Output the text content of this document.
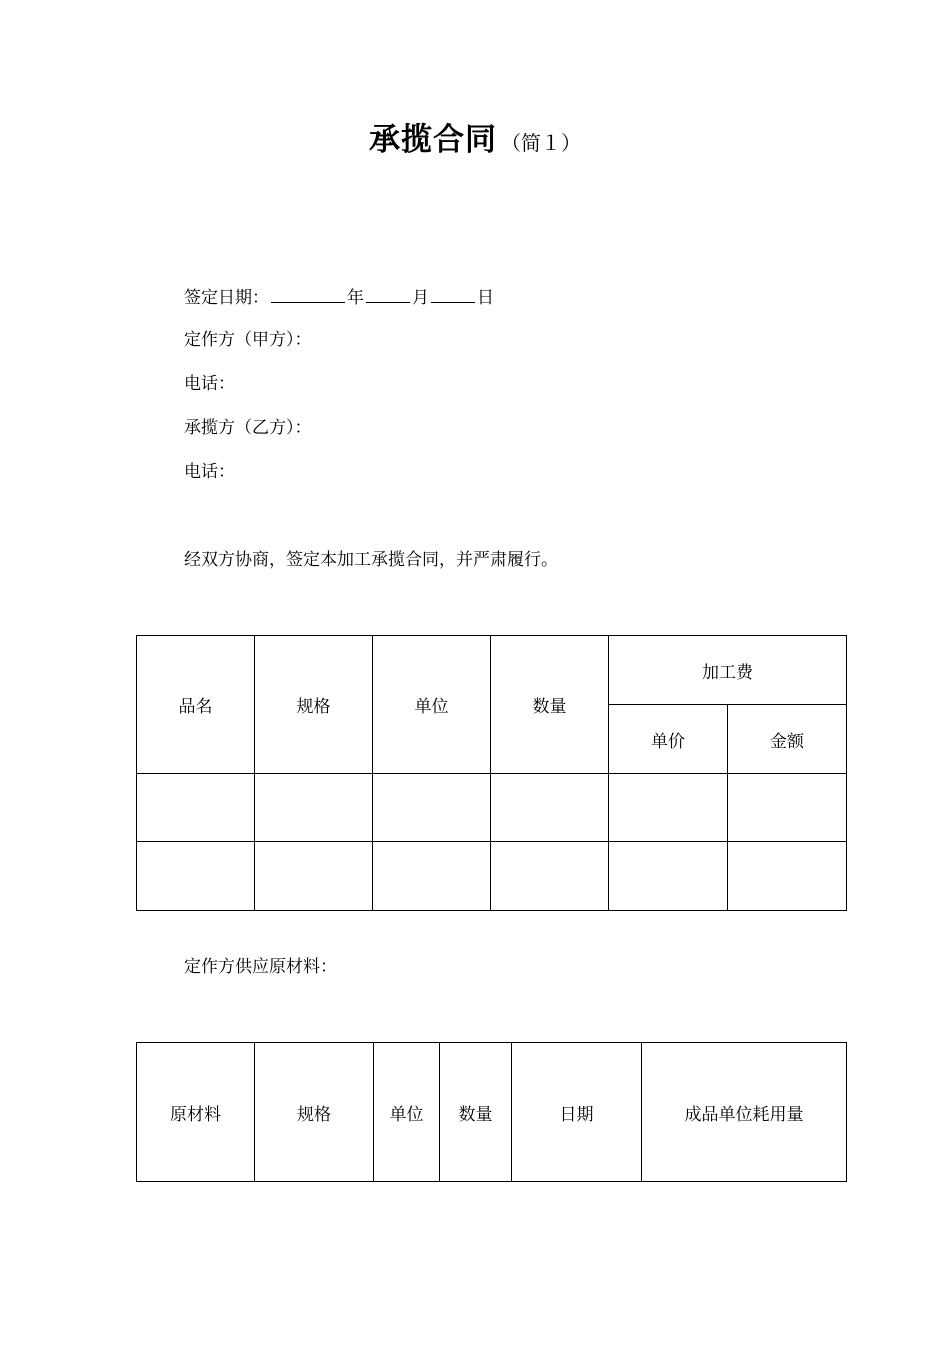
承揽合同 （简１）
签定日期：	年	月	日
定作方（甲方）：
电话：
承揽方（乙方）：
电话：
经双方协商，签定本加工承揽合同，并严肃履行。
品名	规格	单位	数量	加工费	
				单价	金额

定作方供应原材料：
原材料	规格	单位	数量	日期	成品单位耗用量
